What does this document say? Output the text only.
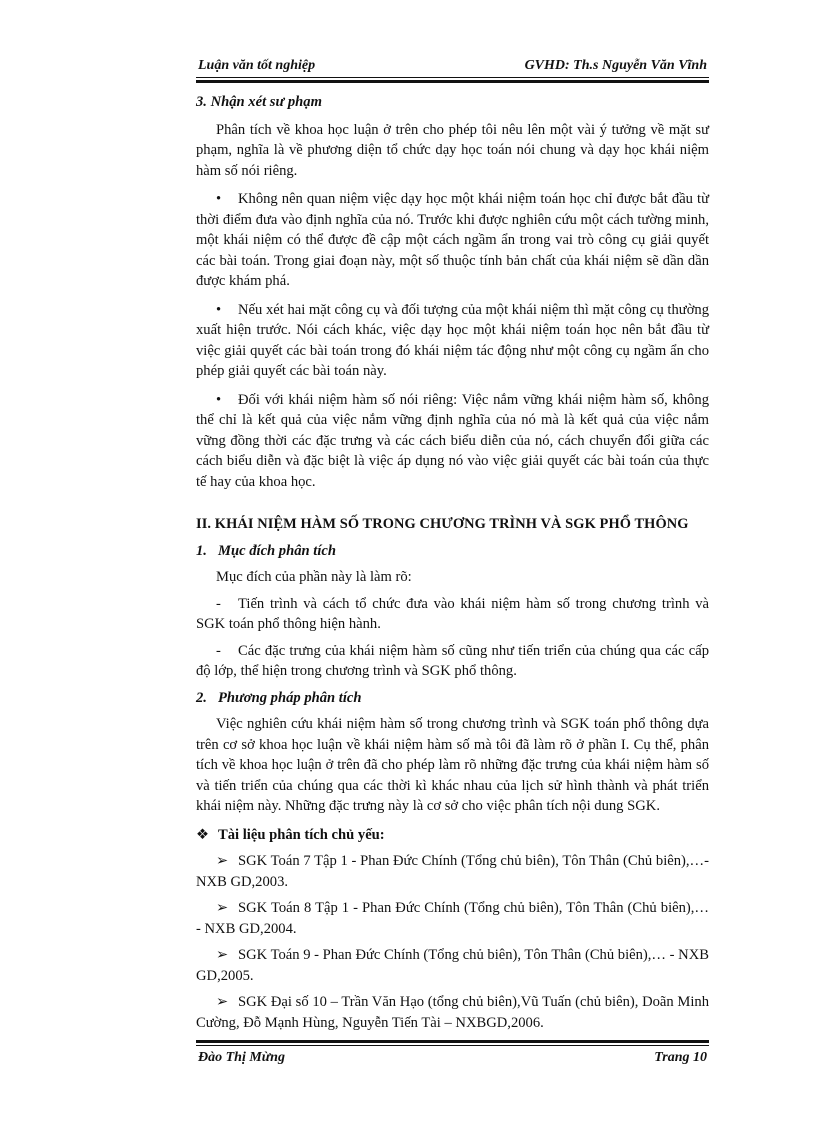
Luận văn tốt nghiệp	GVHD: Th.s Nguyễn Văn Vĩnh

3. Nhận xét sư phạm

Phân tích về khoa học luận ở trên cho phép tôi nêu lên một vài ý tưởng về mặt sư phạm, nghĩa là về phương diện tổ chức dạy học toán nói chung và dạy học khái niệm hàm số nói riêng.

• Không nên quan niệm việc dạy học một khái niệm toán học chỉ được bắt đầu từ thời điểm đưa vào định nghĩa của nó. Trước khi được nghiên cứu một cách tường minh, một khái niệm có thể được đề cập một cách ngầm ẩn trong vai trò công cụ giải quyết các bài toán. Trong giai đoạn này, một số thuộc tính bản chất của khái niệm sẽ dần dần được khám phá.

• Nếu xét hai mặt công cụ và đối tượng của một khái niệm thì mặt công cụ thường xuất hiện trước. Nói cách khác, việc dạy học một khái niệm toán học nên bắt đầu từ việc giải quyết các bài toán trong đó khái niệm tác động như một công cụ ngầm ẩn cho phép giải quyết các bài toán này.

• Đối với khái niệm hàm số nói riêng: Việc nắm vững khái niệm hàm số, không thể chỉ là kết quả của việc nắm vững định nghĩa của nó mà là kết quả của việc nắm vững đồng thời các đặc trưng và các cách biểu diễn của nó, cách chuyển đổi giữa các cách biểu diễn và đặc biệt là việc áp dụng nó vào việc giải quyết các bài toán của thực tế hay của khoa học.

II. KHÁI NIỆM HÀM SỐ TRONG CHƯƠNG TRÌNH VÀ SGK PHỔ THÔNG

1. Mục đích phân tích

Mục đích của phần này là làm rõ:

- Tiến trình và cách tổ chức đưa vào khái niệm hàm số trong chương trình và SGK toán phổ thông hiện hành.

- Các đặc trưng của khái niệm hàm số cũng như tiến triển của chúng qua các cấp độ lớp, thể hiện trong chương trình và SGK phổ thông.

2. Phương pháp phân tích

Việc nghiên cứu khái niệm hàm số trong chương trình và SGK toán phổ thông dựa trên cơ sở khoa học luận về khái niệm hàm số mà tôi đã làm rõ ở phần I. Cụ thể, phân tích về khoa học luận ở trên đã cho phép làm rõ những đặc trưng của khái niệm hàm số và tiến triển của chúng qua các thời kì khác nhau của lịch sử hình thành và phát triển khái niệm này. Những đặc trưng này là cơ sở cho việc phân tích nội dung SGK.

❖ Tài liệu phân tích chủ yếu:

➢ SGK Toán 7 Tập 1 - Phan Đức Chính (Tổng chủ biên), Tôn Thân (Chủ biên),…- NXB GD,2003.

➢ SGK Toán 8 Tập 1 - Phan Đức Chính (Tổng chủ biên), Tôn Thân (Chủ biên),… - NXB GD,2004.

➢ SGK Toán 9 - Phan Đức Chính (Tổng chủ biên), Tôn Thân (Chủ biên),… - NXB GD,2005.

➢ SGK Đại số 10 – Trần Văn Hạo (tổng chủ biên),Vũ Tuấn (chủ biên), Doãn Minh Cường, Đỗ Mạnh Hùng, Nguyễn Tiến Tài – NXBGD,2006.

Đào Thị Mừng	Trang 10
